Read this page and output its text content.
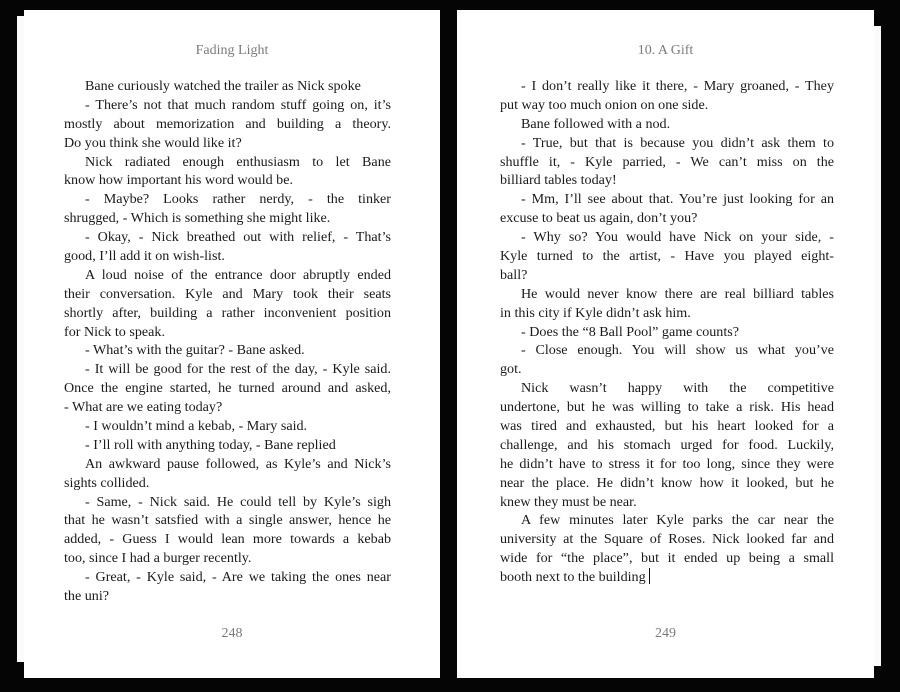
Fading Light
Bane curiously watched the trailer as Nick spoke
- There’s not that much random stuff going on, it’s
mostly about memorization and building a theory.
Do you think she would like it?
Nick radiated enough enthusiasm to let Bane
know how important his word would be.
- Maybe? Looks rather nerdy, - the tinker
shrugged, - Which is something she might like.
- Okay, - Nick breathed out with relief, - That’s
good, I’ll add it on wish-list.
A loud noise of the entrance door abruptly ended
their conversation. Kyle and Mary took their seats
shortly after, building a rather inconvenient position
for Nick to speak.
- What’s with the guitar? - Bane asked.
- It will be good for the rest of the day, - Kyle said.
Once the engine started, he turned around and asked,
- What are we eating today?
- I wouldn’t mind a kebab, - Mary said.
- I’ll roll with anything today, - Bane replied
An awkward pause followed, as Kyle’s and Nick’s
sights collided.
- Same, - Nick said. He could tell by Kyle’s sigh
that he wasn’t satsfied with a single answer, hence he
added, - Guess I would lean more towards a kebab
too, since I had a burger recently.
- Great, - Kyle said, - Are we taking the ones near
the uni?
248
10. A Gift
- I don’t really like it there, - Mary groaned, - They
put way too much onion on one side.
Bane followed with a nod.
- True, but that is because you didn’t ask them to
shuffle it, - Kyle parried, - We can’t miss on the
billiard tables today!
- Mm, I’ll see about that. You’re just looking for an
excuse to beat us again, don’t you?
- Why so? You would have Nick on your side, -
Kyle turned to the artist, - Have you played eight-
ball?
He would never know there are real billiard tables
in this city if Kyle didn’t ask him.
- Does the “8 Ball Pool” game counts?
- Close enough. You will show us what you’ve
got.
Nick wasn’t happy with the competitive
undertone, but he was willing to take a risk. His head
was tired and exhausted, but his heart looked for a
challenge, and his stomach urged for food. Luckily,
he didn’t have to stress it for too long, since they were
near the place. He didn’t know how it looked, but he
knew they must be near.
A few minutes later Kyle parks the car near the
university at the Square of Roses. Nick looked far and
wide for “the place”, but it ended up being a small
booth next to the building
249
